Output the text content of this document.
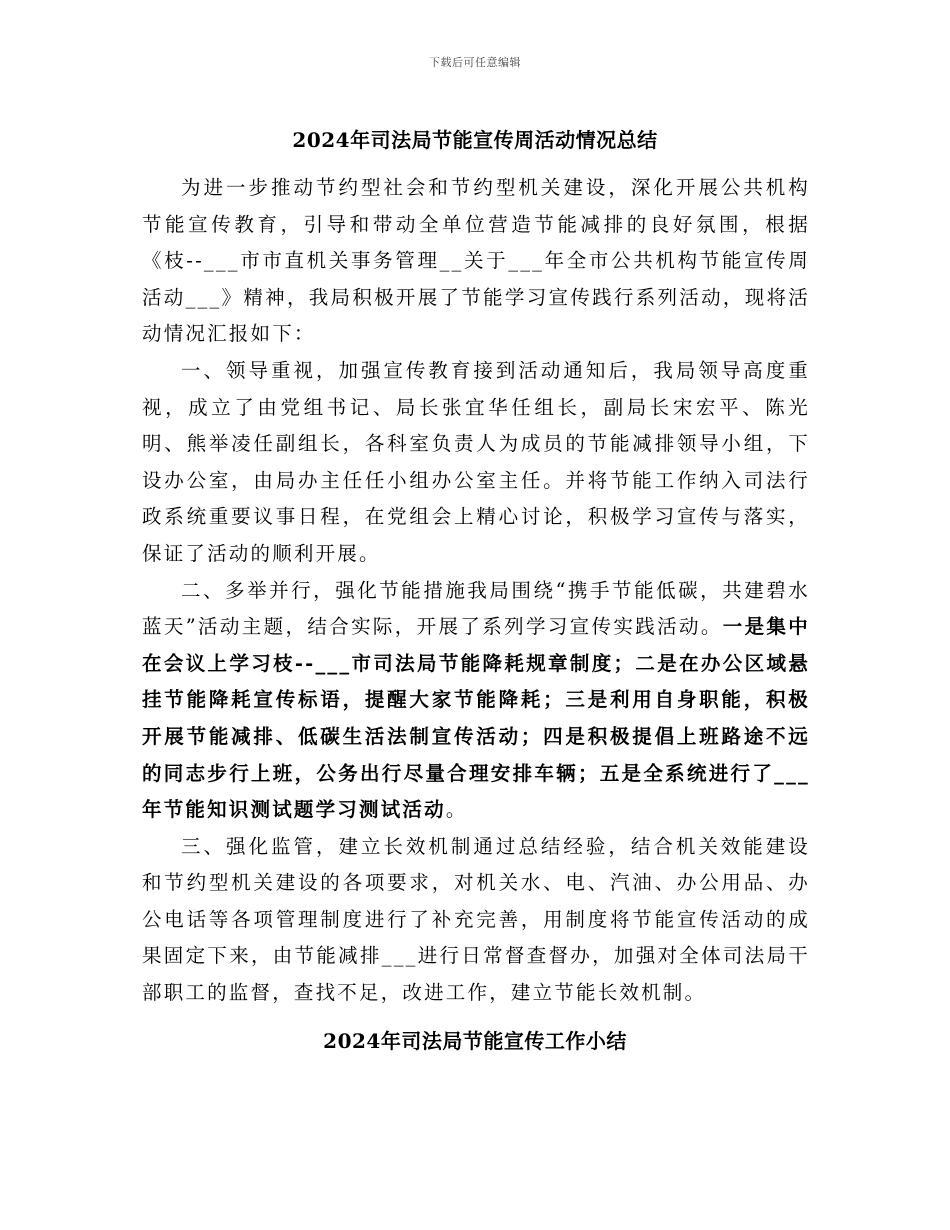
下载后可任意编辑
2024年司法局节能宣传周活动情况总结

为进一步推动节约型社会和节约型机关建设，深化开展公共机构节能宣传教育，引导和带动全单位营造节能减排的良好氛围，根据《枝--___市市直机关事务管理__关于___年全市公共机构节能宣传周活动___》精神，我局积极开展了节能学习宣传践行系列活动，现将活动情况汇报如下：

一、领导重视，加强宣传教育接到活动通知后，我局领导高度重视，成立了由党组书记、局长张宜华任组长，副局长宋宏平、陈光明、熊举凌任副组长，各科室负责人为成员的节能减排领导小组，下设办公室，由局办主任任小组办公室主任。并将节能工作纳入司法行政系统重要议事日程，在党组会上精心讨论，积极学习宣传与落实，保证了活动的顺利开展。

二、多举并行，强化节能措施我局围绕“携手节能低碳，共建碧水蓝天”活动主题，结合实际，开展了系列学习宣传实践活动。一是集中在会议上学习枝--___市司法局节能降耗规章制度；二是在办公区域悬挂节能降耗宣传标语，提醒大家节能降耗；三是利用自身职能，积极开展节能减排、低碳生活法制宣传活动；四是积极提倡上班路途不远的同志步行上班，公务出行尽量合理安排车辆；五是全系统进行了___年节能知识测试题学习测试活动。

三、强化监管，建立长效机制通过总结经验，结合机关效能建设和节约型机关建设的各项要求，对机关水、电、汽油、办公用品、办公电话等各项管理制度进行了补充完善，用制度将节能宣传活动的成果固定下来，由节能减排___进行日常督查督办，加强对全体司法局干部职工的监督，查找不足，改进工作，建立节能长效机制。

2024年司法局节能宣传工作小结
